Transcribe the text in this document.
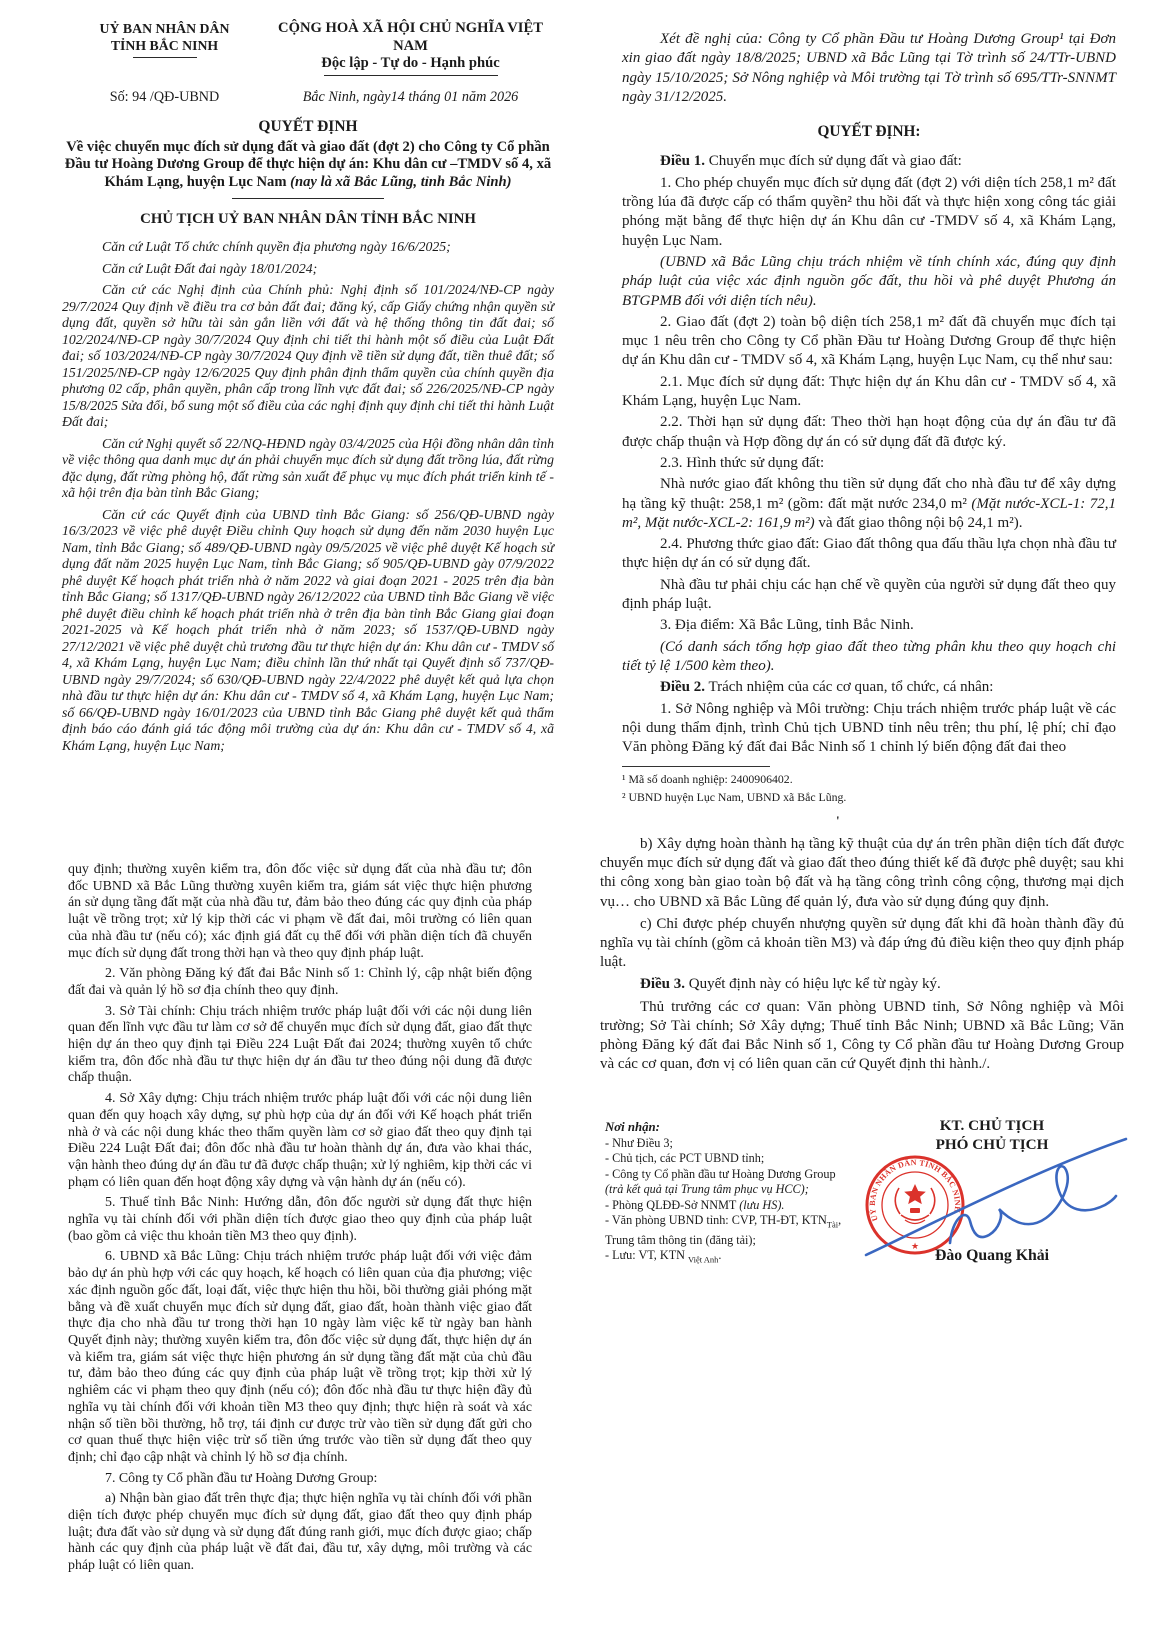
UỶ BAN NHÂN DÂN
TỈNH BẮC NINH
CỘNG HOÀ XÃ HỘI CHỦ NGHĨA VIỆT NAM
Độc lập - Tự do - Hạnh phúc
Số: 94 /QĐ-UBND	Bắc Ninh, ngày14 tháng 01 năm 2026
QUYẾT ĐỊNH
Về việc chuyển mục đích sử dụng đất và giao đất (đợt 2) cho Công ty Cổ phần Đầu tư Hoàng Dương Group để thực hiện dự án: Khu dân cư –TMDV số 4, xã Khám Lạng, huyện Lục Nam (nay là xã Bắc Lũng, tỉnh Bắc Ninh)
CHỦ TỊCH UỶ BAN NHÂN DÂN TỈNH BẮC NINH

Căn cứ Luật Tổ chức chính quyền địa phương ngày 16/6/2025;

Căn cứ Luật Đất đai ngày 18/01/2024;

Căn cứ các Nghị định của Chính phủ: Nghị định số 101/2024/NĐ-CP ngày 29/7/2024 Quy định về điều tra cơ bản đất đai; đăng ký, cấp Giấy chứng nhận quyền sử dụng đất, quyền sở hữu tài sản gắn liền với đất và hệ thống thông tin đất đai; số 102/2024/NĐ-CP ngày 30/7/2024 Quy định chi tiết thi hành một số điều của Luật Đất đai; số 103/2024/NĐ-CP ngày 30/7/2024 Quy định về tiền sử dụng đất, tiền thuê đất; số 151/2025/NĐ-CP ngày 12/6/2025 Quy định phân định thẩm quyền của chính quyền địa phương 02 cấp, phân quyền, phân cấp trong lĩnh vực đất đai; số 226/2025/NĐ-CP ngày 15/8/2025 Sửa đổi, bổ sung một số điều của các nghị định quy định chi tiết thi hành Luật Đất đai;

Căn cứ Nghị quyết số 22/NQ-HĐND ngày 03/4/2025 của Hội đồng nhân dân tỉnh về việc thông qua danh mục dự án phải chuyển mục đích sử dụng đất trồng lúa, đất rừng đặc dụng, đất rừng phòng hộ, đất rừng sản xuất để phục vụ mục đích phát triển kinh tế - xã hội trên địa bàn tỉnh Bắc Giang;

Căn cứ các Quyết định của UBND tỉnh Bắc Giang: số 256/QĐ-UBND ngày 16/3/2023 về việc phê duyệt Điều chỉnh Quy hoạch sử dụng đến năm 2030 huyện Lục Nam, tỉnh Bắc Giang; số 489/QĐ-UBND ngày 09/5/2025 về việc phê duyệt Kế hoạch sử dụng đất năm 2025 huyện Lục Nam, tỉnh Bắc Giang; số 905/QĐ-UBND gày 07/9/2022 phê duyệt Kế hoạch phát triển nhà ở năm 2022 và giai đoạn 2021 - 2025 trên địa bàn tỉnh Bắc Giang; số 1317/QĐ-UBND ngày 26/12/2022 của UBND tỉnh Bắc Giang về việc phê duyệt điều chỉnh kế hoạch phát triển nhà ở trên địa bàn tỉnh Bắc Giang giai đoạn 2021-2025 và Kế hoạch phát triển nhà ở năm 2023; số 1537/QĐ-UBND ngày 27/12/2021 về việc phê duyệt chủ trương đầu tư thực hiện dự án: Khu dân cư - TMDV số 4, xã Khám Lạng, huyện Lục Nam; điều chỉnh lần thứ nhất tại Quyết định số 737/QĐ-UBND ngày 29/7/2024; số 630/QĐ-UBND ngày 22/4/2022 phê duyệt kết quả lựa chọn nhà đầu tư thực hiện dự án: Khu dân cư - TMDV số 4, xã Khám Lạng, huyện Lục Nam; số 66/QĐ-UBND ngày 16/01/2023 của UBND tỉnh Bắc Giang phê duyệt kết quả thẩm định báo cáo đánh giá tác động môi trường của dự án: Khu dân cư - TMDV số 4, xã Khám Lạng, huyện Lục Nam;

Xét đề nghị của: Công ty Cổ phần Đầu tư Hoàng Dương Group¹ tại Đơn xin giao đất ngày 18/8/2025; UBND xã Bắc Lũng tại Tờ trình số 24/TTr-UBND ngày 15/10/2025; Sở Nông nghiệp và Môi trường tại Tờ trình số 695/TTr-SNNMT ngày 31/12/2025.

QUYẾT ĐỊNH:

Điều 1. Chuyển mục đích sử dụng đất và giao đất:

1. Cho phép chuyển mục đích sử dụng đất (đợt 2) với diện tích 258,1 m² đất trồng lúa đã được cấp có thẩm quyền² thu hồi đất và thực hiện xong công tác giải phóng mặt bằng để thực hiện dự án Khu dân cư -TMDV số 4, xã Khám Lạng, huyện Lục Nam.

(UBND xã Bắc Lũng chịu trách nhiệm về tính chính xác, đúng quy định pháp luật của việc xác định nguồn gốc đất, thu hồi và phê duyệt Phương án BTGPMB đối với diện tích nêu).

2. Giao đất (đợt 2) toàn bộ diện tích 258,1 m² đất đã chuyển mục đích tại mục 1 nêu trên cho Công ty Cổ phần Đầu tư Hoàng Dương Group để thực hiện dự án Khu dân cư - TMDV số 4, xã Khám Lạng, huyện Lục Nam, cụ thể như sau:

2.1. Mục đích sử dụng đất: Thực hiện dự án Khu dân cư - TMDV số 4, xã Khám Lạng, huyện Lục Nam.

2.2. Thời hạn sử dụng đất: Theo thời hạn hoạt động của dự án đầu tư đã được chấp thuận và Hợp đồng dự án có sử dụng đất đã được ký.

2.3. Hình thức sử dụng đất:

Nhà nước giao đất không thu tiền sử dụng đất cho nhà đầu tư để xây dựng hạ tầng kỹ thuật: 258,1 m² (gồm: đất mặt nước 234,0 m² (Mặt nước-XCL-1: 72,1 m², Mặt nước-XCL-2: 161,9 m²) và đất giao thông nội bộ 24,1 m²).

2.4. Phương thức giao đất: Giao đất thông qua đấu thầu lựa chọn nhà đầu tư thực hiện dự án có sử dụng đất.

Nhà đầu tư phải chịu các hạn chế về quyền của người sử dụng đất theo quy định pháp luật.

3. Địa điểm: Xã Bắc Lũng, tỉnh Bắc Ninh.

(Có danh sách tổng hợp giao đất theo từng phân khu theo quy hoạch chi tiết tỷ lệ 1/500 kèm theo).

Điều 2. Trách nhiệm của các cơ quan, tổ chức, cá nhân:

1. Sở Nông nghiệp và Môi trường: Chịu trách nhiệm trước pháp luật về các nội dung thẩm định, trình Chủ tịch UBND tỉnh nêu trên; thu phí, lệ phí; chỉ đạo Văn phòng Đăng ký đất đai Bắc Ninh số 1 chỉnh lý biến động đất đai theo

¹ Mã số doanh nghiệp: 2400906402.

² UBND huyện Lục Nam, UBND xã Bắc Lũng.

'

quy định; thường xuyên kiểm tra, đôn đốc việc sử dụng đất của nhà đầu tư; đôn đốc UBND xã Bắc Lũng thường xuyên kiểm tra, giám sát việc thực hiện phương án sử dụng tầng đất mặt của nhà đầu tư, đảm bảo theo đúng các quy định của pháp luật về trồng trọt; xử lý kịp thời các vi phạm về đất đai, môi trường có liên quan của nhà đầu tư (nếu có); xác định giá đất cụ thể đối với phần diện tích đã chuyển mục đích sử dụng đất trong thời hạn và theo quy định pháp luật.

2. Văn phòng Đăng ký đất đai Bắc Ninh số 1: Chỉnh lý, cập nhật biến động đất đai và quản lý hồ sơ địa chính theo quy định.

3. Sở Tài chính: Chịu trách nhiệm trước pháp luật đối với các nội dung liên quan đến lĩnh vực đầu tư làm cơ sở để chuyển mục đích sử dụng đất, giao đất thực hiện dự án theo quy định tại Điều 224 Luật Đất đai 2024; thường xuyên tổ chức kiểm tra, đôn đốc nhà đầu tư thực hiện dự án đầu tư theo đúng nội dung đã được chấp thuận.

4. Sở Xây dựng: Chịu trách nhiệm trước pháp luật đối với các nội dung liên quan đến quy hoạch xây dựng, sự phù hợp của dự án đối với Kế hoạch phát triển nhà ở và các nội dung khác theo thẩm quyền làm cơ sở giao đất theo quy định tại Điều 224 Luật Đất đai; đôn đốc nhà đầu tư hoàn thành dự án, đưa vào khai thác, vận hành theo đúng dự án đầu tư đã được chấp thuận; xử lý nghiêm, kịp thời các vi phạm có liên quan đến hoạt động xây dựng và vận hành dự án (nếu có).

5. Thuế tỉnh Bắc Ninh: Hướng dẫn, đôn đốc người sử dụng đất thực hiện nghĩa vụ tài chính đối với phần diện tích được giao theo quy định của pháp luật (bao gồm cả việc thu khoản tiền M3 theo quy định).

6. UBND xã Bắc Lũng: Chịu trách nhiệm trước pháp luật đối với việc đảm bảo dự án phù hợp với các quy hoạch, kế hoạch có liên quan của địa phương; việc xác định nguồn gốc đất, loại đất, việc thực hiện thu hồi, bồi thường giải phóng mặt bằng và đề xuất chuyển mục đích sử dụng đất, giao đất, hoàn thành việc giao đất thực địa cho nhà đầu tư trong thời hạn 10 ngày làm việc kể từ ngày ban hành Quyết định này; thường xuyên kiểm tra, đôn đốc việc sử dụng đất, thực hiện dự án và kiểm tra, giám sát việc thực hiện phương án sử dụng tầng đất mặt của chủ đầu tư, đảm bảo theo đúng các quy định của pháp luật về trồng trọt; kịp thời xử lý nghiêm các vi phạm theo quy định (nếu có); đôn đốc nhà đầu tư thực hiện đầy đủ nghĩa vụ tài chính đối với khoản tiền M3 theo quy định; thực hiện rà soát và xác nhận số tiền bồi thường, hỗ trợ, tái định cư được trừ vào tiền sử dụng đất gửi cho cơ quan thuế thực hiện việc trừ số tiền ứng trước vào tiền sử dụng đất theo quy định; chỉ đạo cập nhật và chỉnh lý hồ sơ địa chính.

7. Công ty Cổ phần đầu tư Hoàng Dương Group:

a) Nhận bàn giao đất trên thực địa; thực hiện nghĩa vụ tài chính đối với phần diện tích được phép chuyển mục đích sử dụng đất, giao đất theo quy định pháp luật; đưa đất vào sử dụng và sử dụng đất đúng ranh giới, mục đích được giao; chấp hành các quy định của pháp luật về đất đai, đầu tư, xây dựng, môi trường và các pháp luật có liên quan.

b) Xây dựng hoàn thành hạ tầng kỹ thuật của dự án trên phần diện tích đất được chuyển mục đích sử dụng đất và giao đất theo đúng thiết kế đã được phê duyệt; sau khi thi công xong bàn giao toàn bộ đất và hạ tầng công trình công cộng, thương mại dịch vụ… cho UBND xã Bắc Lũng để quản lý, đưa vào sử dụng đúng quy định.

c) Chỉ được phép chuyển nhượng quyền sử dụng đất khi đã hoàn thành đầy đủ nghĩa vụ tài chính (gồm cả khoản tiền M3) và đáp ứng đủ điều kiện theo quy định pháp luật.

Điều 3. Quyết định này có hiệu lực kể từ ngày ký.

Thủ trưởng các cơ quan: Văn phòng UBND tỉnh, Sở Nông nghiệp và Môi trường; Sở Tài chính; Sở Xây dựng; Thuế tỉnh Bắc Ninh; UBND xã Bắc Lũng; Văn phòng Đăng ký đất đai Bắc Ninh số 1, Công ty Cổ phần đầu tư Hoàng Dương Group và các cơ quan, đơn vị có liên quan căn cứ Quyết định thi hành./.

Nơi nhận:
- Như Điều 3;
- Chủ tịch, các PCT UBND tỉnh;
- Công ty Cổ phần đầu tư Hoàng Dương Group
(trả kết quả tại Trung tâm phục vụ HCC);
- Phòng QLĐĐ-Sở NNMT (lưu HS).
- Văn phòng UBND tỉnh: CVP, TH-ĐT, $KTN_{Tài}$,
Trung tâm thông tin (đăng tải);
- Lưu: VT, KTN $_{Việt Anh}$.
KT. CHỦ TỊCH
PHÓ CHỦ TỊCH
UỶ BAN NHÂN DÂN TỈNH BẮC NINH
★
Đào Quang Khải
